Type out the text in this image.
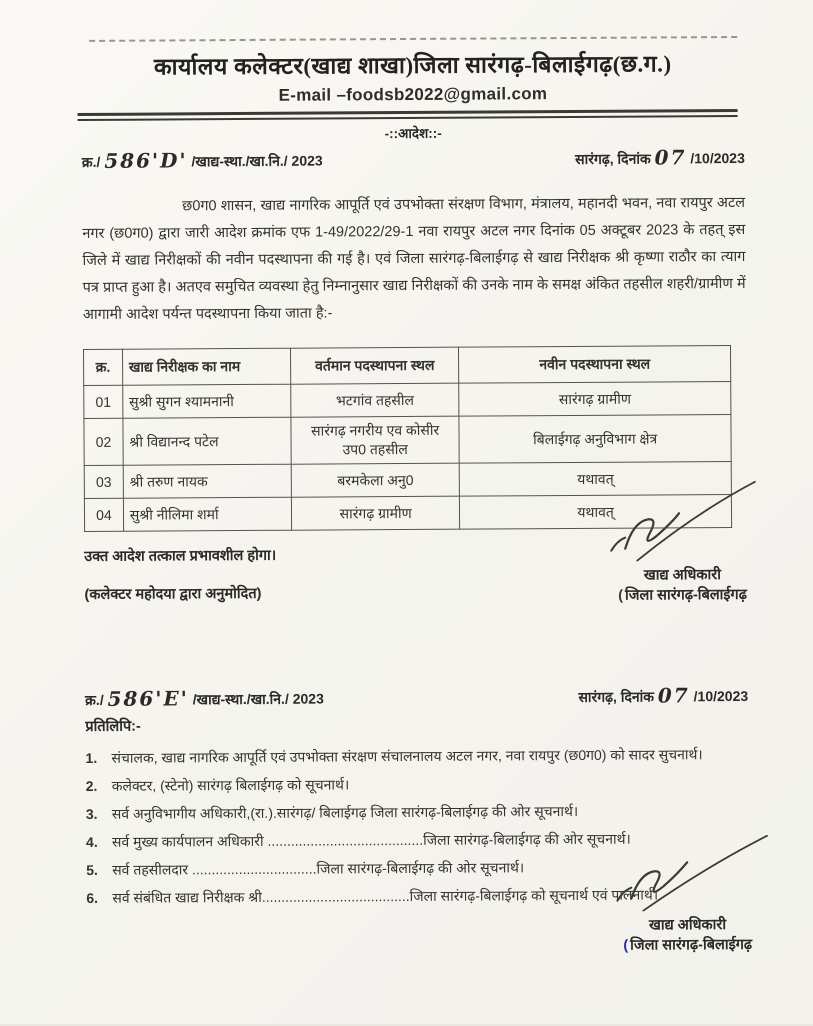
कार्यालय कलेक्टर(खाद्य शाखा)जिला सारंगढ़-बिलाईगढ़(छ.ग.)
E-mail –foodsb2022@gmail.com
-::आदेश::-
क्र./ 586'D' /खाद्य-स्था./खा.नि./ 2023	सारंगढ़, दिनांक 07 /10/2023
छ0ग0 शासन, खाद्य नागरिक आपूर्ति एवं उपभोक्ता संरक्षण विभाग, मंत्रालय, महानदी भवन, नवा रायपुर अटल नगर (छ0ग0) द्वारा जारी आदेश क्रमांक एफ 1-49/2022/29-1 नवा रायपुर अटल नगर दिनांक 05 अक्टूबर 2023 के तहत् इस जिले में खाद्य निरीक्षकों की नवीन पदस्थापना की गई है। एवं जिला सारंगढ़-बिलाईगढ़ से खाद्य निरीक्षक श्री कृष्णा राठौर का त्याग पत्र प्राप्त हुआ है। अतएव समुचित व्यवस्था हेतु निम्नानुसार खाद्य निरीक्षकों की उनके नाम के समक्ष अंकित तहसील शहरी/ग्रामीण में आगामी आदेश पर्यन्त पदस्थापना किया जाता है:-
क्र.	खाद्य निरीक्षक का नाम	वर्तमान पदस्थापना स्थल	नवीन पदस्थापना स्थल
01	सुश्री सुगन श्यामनानी	भटगांव तहसील	सारंगढ़ ग्रामीण
02	श्री विद्यानन्द पटेल	सारंगढ़ नगरीय एव कोसीर उप0 तहसील	बिलाईगढ़ अनुविभाग क्षेत्र
03	श्री तरुण नायक	बरमकेला अनु0	यथावत्
04	सुश्री नीलिमा शर्मा	सारंगढ़ ग्रामीण	यथावत्
उक्त आदेश तत्काल प्रभावशील होगा।
(कलेक्टर महोदया द्वारा अनुमोदित)
खाद्य अधिकारी
( जिला सारंगढ़-बिलाईगढ़
क्र./ 586'E' /खाद्य-स्था./खा.नि./ 2023	सारंगढ़, दिनांक 07 /10/2023
प्रतिलिपि:-
1.	संचालक, खाद्य नागरिक आपूर्ति एवं उपभोक्ता संरक्षण संचालनालय अटल नगर, नवा रायपुर (छ0ग0) को सादर सुचनार्थ।
2.	कलेक्टर, (स्टेनो) सारंगढ़ बिलाईगढ़ को सूचनार्थ।
3.	सर्व अनुविभागीय अधिकारी,(रा.).सारंगढ़/ बिलाईगढ़ जिला सारंगढ़-बिलाईगढ़ की ओर सूचनार्थ।
4.	सर्व मुख्य कार्यपालन अधिकारी ........................................जिला सारंगढ़-बिलाईगढ़ की ओर सूचनार्थ।
5.	सर्व तहसीलदार ................................जिला सारंगढ़-बिलाईगढ़ की ओर सूचनार्थ।
6.	सर्व संबंधित खाद्य निरीक्षक श्री......................................जिला सारंगढ़-बिलाईगढ़ को सूचनार्थ एवं पालनार्थ।
खाद्य अधिकारी
( जिला सारंगढ़-बिलाईगढ़
